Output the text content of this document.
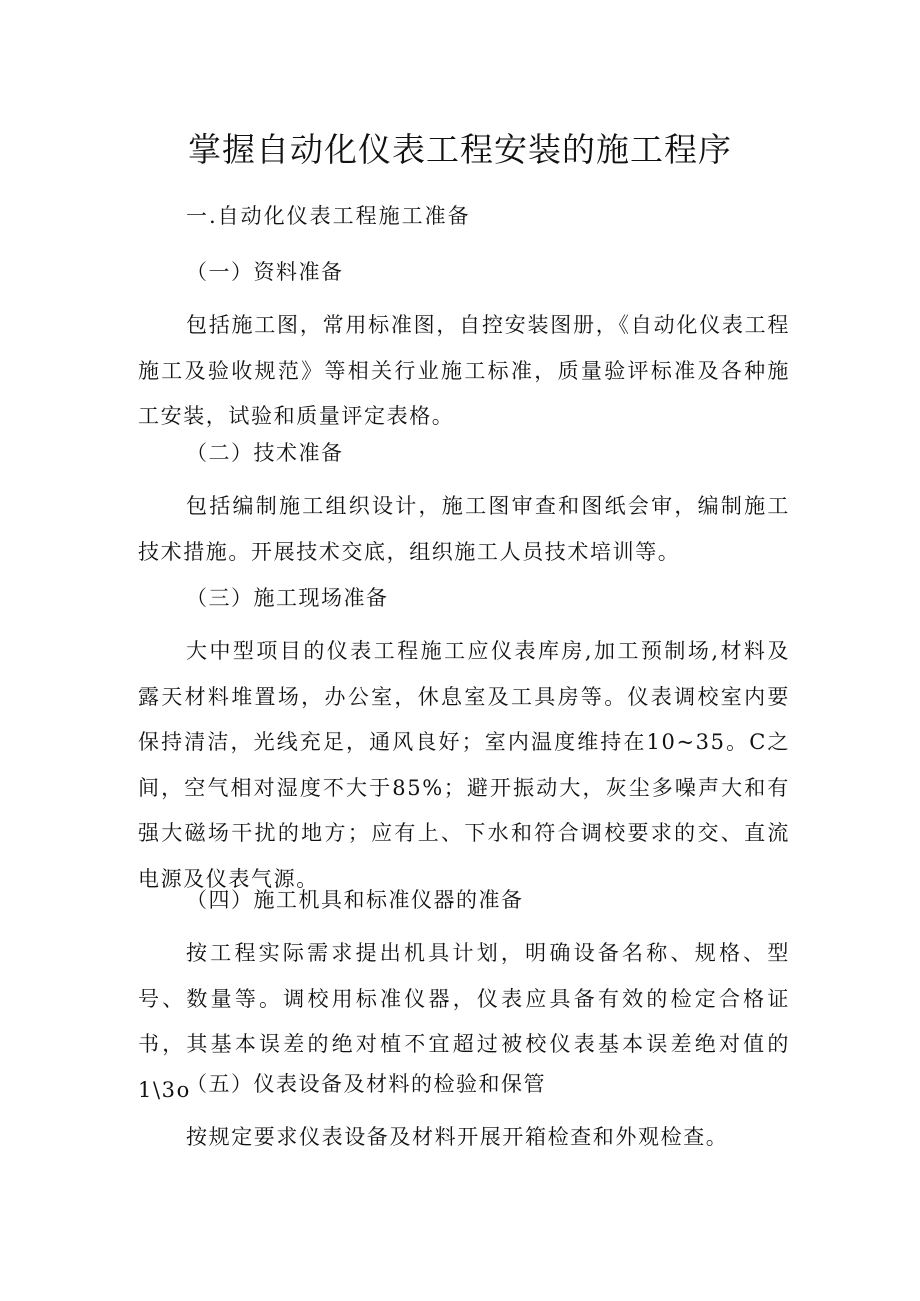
掌握自动化仪表工程安装的施工程序
一.自动化仪表工程施工准备
（一）资料准备

包括施工图，常用标准图，自控安装图册，《自动化仪表工程施工及验收规范》等相关行业施工标准，质量验评标准及各种施工安装，试验和质量评定表格。

（二）技术准备

包括编制施工组织设计，施工图审查和图纸会审，编制施工技术措施。开展技术交底，组织施工人员技术培训等。

（三）施工现场准备

大中型项目的仪表工程施工应仪表库房,加工预制场,材料及露天材料堆置场，办公室，休息室及工具房等。仪表调校室内要保持清洁，光线充足，通风良好；室内温度维持在10~35。C之间，空气相对湿度不大于85%；避开振动大，灰尘多噪声大和有强大磁场干扰的地方；应有上、下水和符合调校要求的交、直流电源及仪表气源。

（四）施工机具和标准仪器的准备

按工程实际需求提出机具计划，明确设备名称、规格、型号、数量等。调校用标准仪器，仪表应具备有效的检定合格证书，其基本误差的绝对植不宜超过被校仪表基本误差绝对值的1\3o

（五）仪表设备及材料的检验和保管

按规定要求仪表设备及材料开展开箱检查和外观检查。
